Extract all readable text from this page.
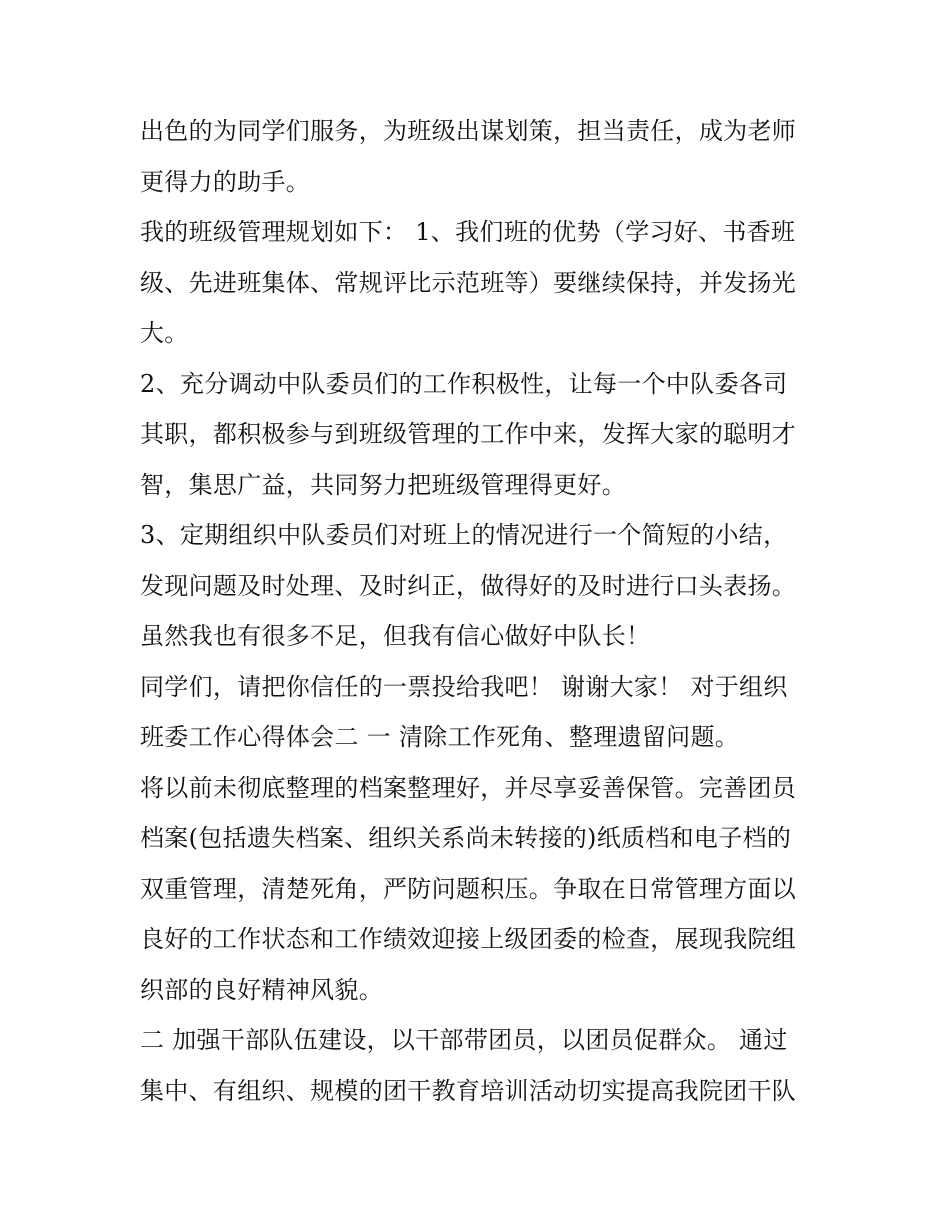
出色的为同学们服务，为班级出谋划策，担当责任，成为老师
更得力的助手。
我的班级管理规划如下： 1、我们班的优势（学习好、书香班
级、先进班集体、常规评比示范班等）要继续保持，并发扬光
大。
2、充分调动中队委员们的工作积极性，让每一个中队委各司
其职，都积极参与到班级管理的工作中来，发挥大家的聪明才
智，集思广益，共同努力把班级管理得更好。
3、定期组织中队委员们对班上的情况进行一个简短的小结，
发现问题及时处理、及时纠正，做得好的及时进行口头表扬。
虽然我也有很多不足，但我有信心做好中队长！
同学们，请把你信任的一票投给我吧！ 谢谢大家！ 对于组织
班委工作心得体会二 一 清除工作死角、整理遗留问题。
将以前未彻底整理的档案整理好，并尽享妥善保管。完善团员
档案(包括遗失档案、组织关系尚未转接的)纸质档和电子档的
双重管理，清楚死角，严防问题积压。争取在日常管理方面以
良好的工作状态和工作绩效迎接上级团委的检查，展现我院组
织部的良好精神风貌。
二 加强干部队伍建设，以干部带团员，以团员促群众。 通过
集中、有组织、规模的团干教育培训活动切实提高我院团干队
